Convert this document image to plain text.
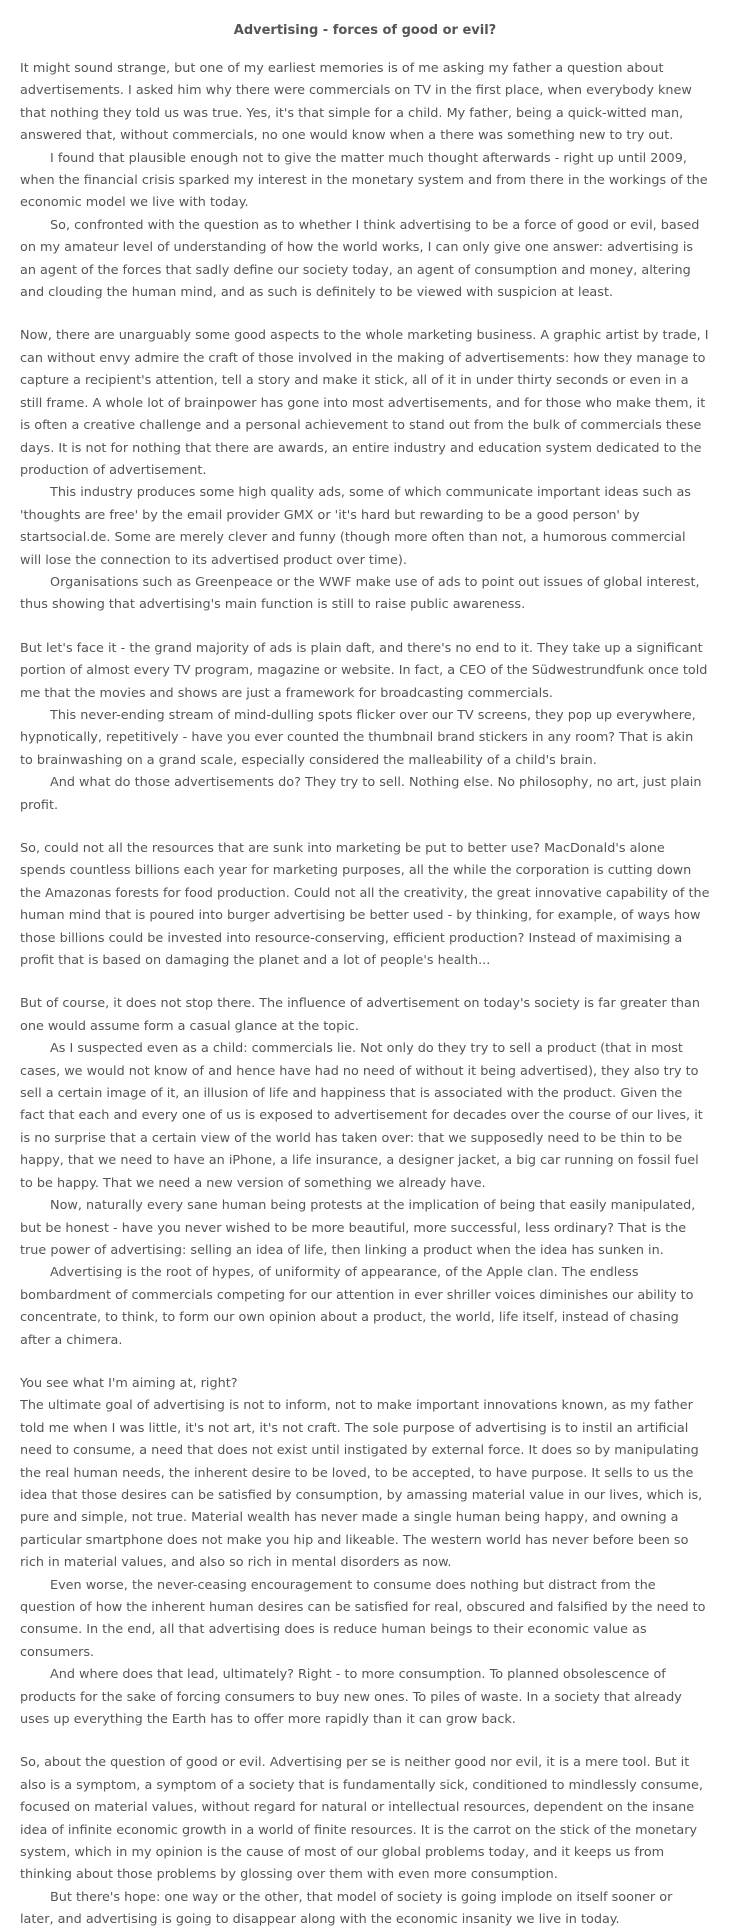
Advertising - forces of good or evil?

It might sound strange, but one of my earliest memories is of me asking my father a question about advertisements. I asked him why there were commercials on TV in the first place, when everybody knew that nothing they told us was true. Yes, it's that simple for a child. My father, being a quick-witted man, answered that, without commercials, no one would know when a there was something new to try out.

I found that plausible enough not to give the matter much thought afterwards - right up until 2009, when the financial crisis sparked my interest in the monetary system and from there in the workings of the economic model we live with today.

So, confronted with the question as to whether I think advertising to be a force of good or evil, based on my amateur level of understanding of how the world works, I can only give one answer: advertising is an agent of the forces that sadly define our society today, an agent of consumption and money, altering and clouding the human mind, and as such is definitely to be viewed with suspicion at least.

Now, there are unarguably some good aspects to the whole marketing business. A graphic artist by trade, I can without envy admire the craft of those involved in the making of advertisements: how they manage to capture a recipient's attention, tell a story and make it stick, all of it in under thirty seconds or even in a still frame. A whole lot of brainpower has gone into most advertisements, and for those who make them, it is often a creative challenge and a personal achievement to stand out from the bulk of commercials these days. It is not for nothing that there are awards, an entire industry and education system dedicated to the production of advertisement.

This industry produces some high quality ads, some of which communicate important ideas such as 'thoughts are free' by the email provider GMX or 'it's hard but rewarding to be a good person' by startsocial.de. Some are merely clever and funny (though more often than not, a humorous commercial will lose the connection to its advertised product over time).

Organisations such as Greenpeace or the WWF make use of ads to point out issues of global interest, thus showing that advertising's main function is still to raise public awareness.

But let's face it - the grand majority of ads is plain daft, and there's no end to it. They take up a significant portion of almost every TV program, magazine or website. In fact, a CEO of the Südwestrundfunk once told me that the movies and shows are just a framework for broadcasting commercials.

This never-ending stream of mind-dulling spots flicker over our TV screens, they pop up everywhere, hypnotically, repetitively - have you ever counted the thumbnail brand stickers in any room? That is akin to brainwashing on a grand scale, especially considered the malleability of a child's brain.

And what do those advertisements do? They try to sell. Nothing else. No philosophy, no art, just plain profit.

So, could not all the resources that are sunk into marketing be put to better use? MacDonald's alone spends countless billions each year for marketing purposes, all the while the corporation is cutting down the Amazonas forests for food production. Could not all the creativity, the great innovative capability of the human mind that is poured into burger advertising be better used - by thinking, for example, of ways how those billions could be invested into resource-conserving, efficient production? Instead of maximising a profit that is based on damaging the planet and a lot of people's health...

But of course, it does not stop there. The influence of advertisement on today's society is far greater than one would assume form a casual glance at the topic.

As I suspected even as a child: commercials lie. Not only do they try to sell a product (that in most cases, we would not know of and hence have had no need of without it being advertised), they also try to sell a certain image of it, an illusion of life and happiness that is associated with the product. Given the fact that each and every one of us is exposed to advertisement for decades over the course of our lives, it is no surprise that a certain view of the world has taken over: that we supposedly need to be thin to be happy, that we need to have an iPhone, a life insurance, a designer jacket, a big car running on fossil fuel to be happy. That we need a new version of something we already have.

Now, naturally every sane human being protests at the implication of being that easily manipulated, but be honest - have you never wished to be more beautiful, more successful, less ordinary? That is the true power of advertising: selling an idea of life, then linking a product when the idea has sunken in.

Advertising is the root of hypes, of uniformity of appearance, of the Apple clan. The endless bombardment of commercials competing for our attention in ever shriller voices diminishes our ability to concentrate, to think, to form our own opinion about a product, the world, life itself, instead of chasing after a chimera.

You see what I'm aiming at, right?

The ultimate goal of advertising is not to inform, not to make important innovations known, as my father told me when I was little, it's not art, it's not craft. The sole purpose of advertising is to instil an artificial need to consume, a need that does not exist until instigated by external force. It does so by manipulating the real human needs, the inherent desire to be loved, to be accepted, to have purpose. It sells to us the idea that those desires can be satisfied by consumption, by amassing material value in our lives, which is, pure and simple, not true. Material wealth has never made a single human being happy, and owning a particular smartphone does not make you hip and likeable. The western world has never before been so rich in material values, and also so rich in mental disorders as now.

Even worse, the never-ceasing encouragement to consume does nothing but distract from the question of how the inherent human desires can be satisfied for real, obscured and falsified by the need to consume. In the end, all that advertising does is reduce human beings to their economic value as consumers.

And where does that lead, ultimately? Right - to more consumption. To planned obsolescence of products for the sake of forcing consumers to buy new ones. To piles of waste. In a society that already uses up everything the Earth has to offer more rapidly than it can grow back.

So, about the question of good or evil. Advertising per se is neither good nor evil, it is a mere tool. But it also is a symptom, a symptom of a society that is fundamentally sick, conditioned to mindlessly consume, focused on material values, without regard for natural or intellectual resources, dependent on the insane idea of infinite economic growth in a world of finite resources. It is the carrot on the stick of the monetary system, which in my opinion is the cause of most of our global problems today, and it keeps us from thinking about those problems by glossing over them with even more consumption.

But there's hope: one way or the other, that model of society is going implode on itself sooner or later, and advertising is going to disappear along with the economic insanity we live in today.
